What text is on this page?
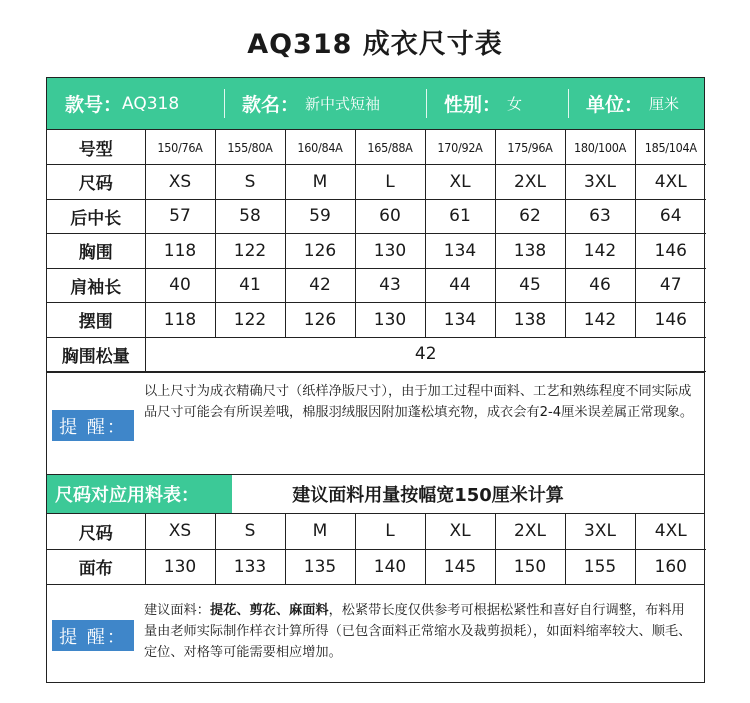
AQ318 成衣尺寸表
款号： AQ318	款名： 新中式短袖	性别： 女	单位： 厘米
号型	150/76A	155/80A	160/84A	165/88A	170/92A	175/96A	180/100A	185/104A
尺码	XS	S	M	L	XL	2XL	3XL	4XL
后中长	57	58	59	60	61	62	63	64
胸围	118	122	126	130	134	138	142	146
肩袖长	40	41	42	43	44	45	46	47
摆围	118	122	126	130	134	138	142	146
胸围松量	42							
提 醒：
以上尺寸为成衣精确尺寸（纸样净版尺寸），由于加工过程中面料、工艺和熟练程度不同实际成品尺寸可能会有所误差哦，棉服羽绒服因附加蓬松填充物，成衣会有2-4厘米误差属正常现象。
尺码对应用料表：	建议面料用量按幅宽150厘米计算
尺码	XS	S	M	L	XL	2XL	3XL	4XL
面布	130	133	135	140	145	150	155	160
提 醒：
建议面料：提花、剪花、麻面料，松紧带长度仅供参考可根据松紧性和喜好自行调整，布料用量由老师实际制作样衣计算所得（已包含面料正常缩水及裁剪损耗），如面料缩率较大、顺毛、定位、对格等可能需要相应增加。
